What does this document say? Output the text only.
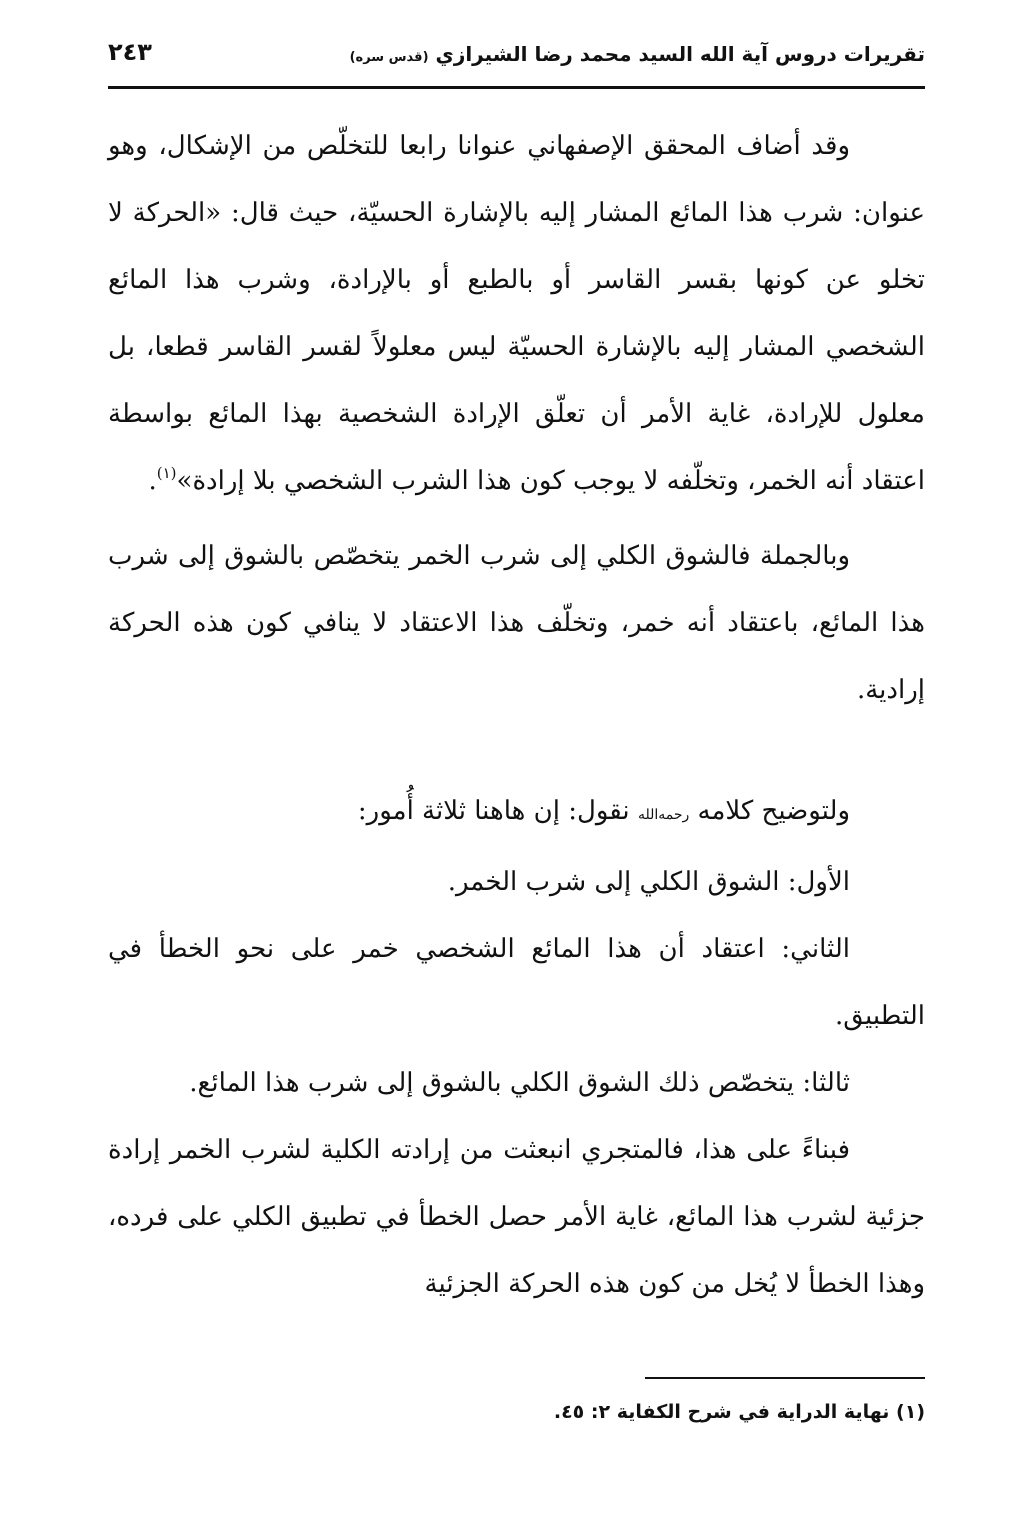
تقريرات دروس آية الله السيد محمد رضا الشيرازي (قدس سره)
٢٤٣

وقد أضاف المحقق الإصفهاني عنوانا رابعا للتخلّص من الإشكال، وهو عنوان: شرب هذا المائع المشار إليه بالإشارة الحسيّة، حيث قال: «الحركة لا تخلو عن كونها بقسر القاسر أو بالطبع أو بالإرادة، وشرب هذا المائع الشخصي المشار إليه بالإشارة الحسيّة ليس معلولاً لقسر القاسر قطعا، بل معلول للإرادة، غاية الأمر أن تعلّق الإرادة الشخصية بهذا المائع بواسطة اعتقاد أنه الخمر، وتخلّفه لا يوجب كون هذا الشرب الشخصي بلا إرادة»$^{(١)}$.

وبالجملة فالشوق الكلي إلى شرب الخمر يتخصّص بالشوق إلى شرب هذا المائع، باعتقاد أنه خمر، وتخلّف هذا الاعتقاد لا ينافي كون هذه الحركة إرادية.

ولتوضيح كلامه رحمه‌الله نقول: إن هاهنا ثلاثة أُمور:

الأول: الشوق الكلي إلى شرب الخمر.

الثاني: اعتقاد أن هذا المائع الشخصي خمر على نحو الخطأ في التطبيق.

ثالثا: يتخصّص ذلك الشوق الكلي بالشوق إلى شرب هذا المائع.

فبناءً على هذا، فالمتجري انبعثت من إرادته الكلية لشرب الخمر إرادة جزئية لشرب هذا المائع، غاية الأمر حصل الخطأ في تطبيق الكلي على فرده، وهذا الخطأ لا يُخل من كون هذه الحركة الجزئية

(١) نهاية الدراية في شرح الكفاية ٢: ٤٥.
